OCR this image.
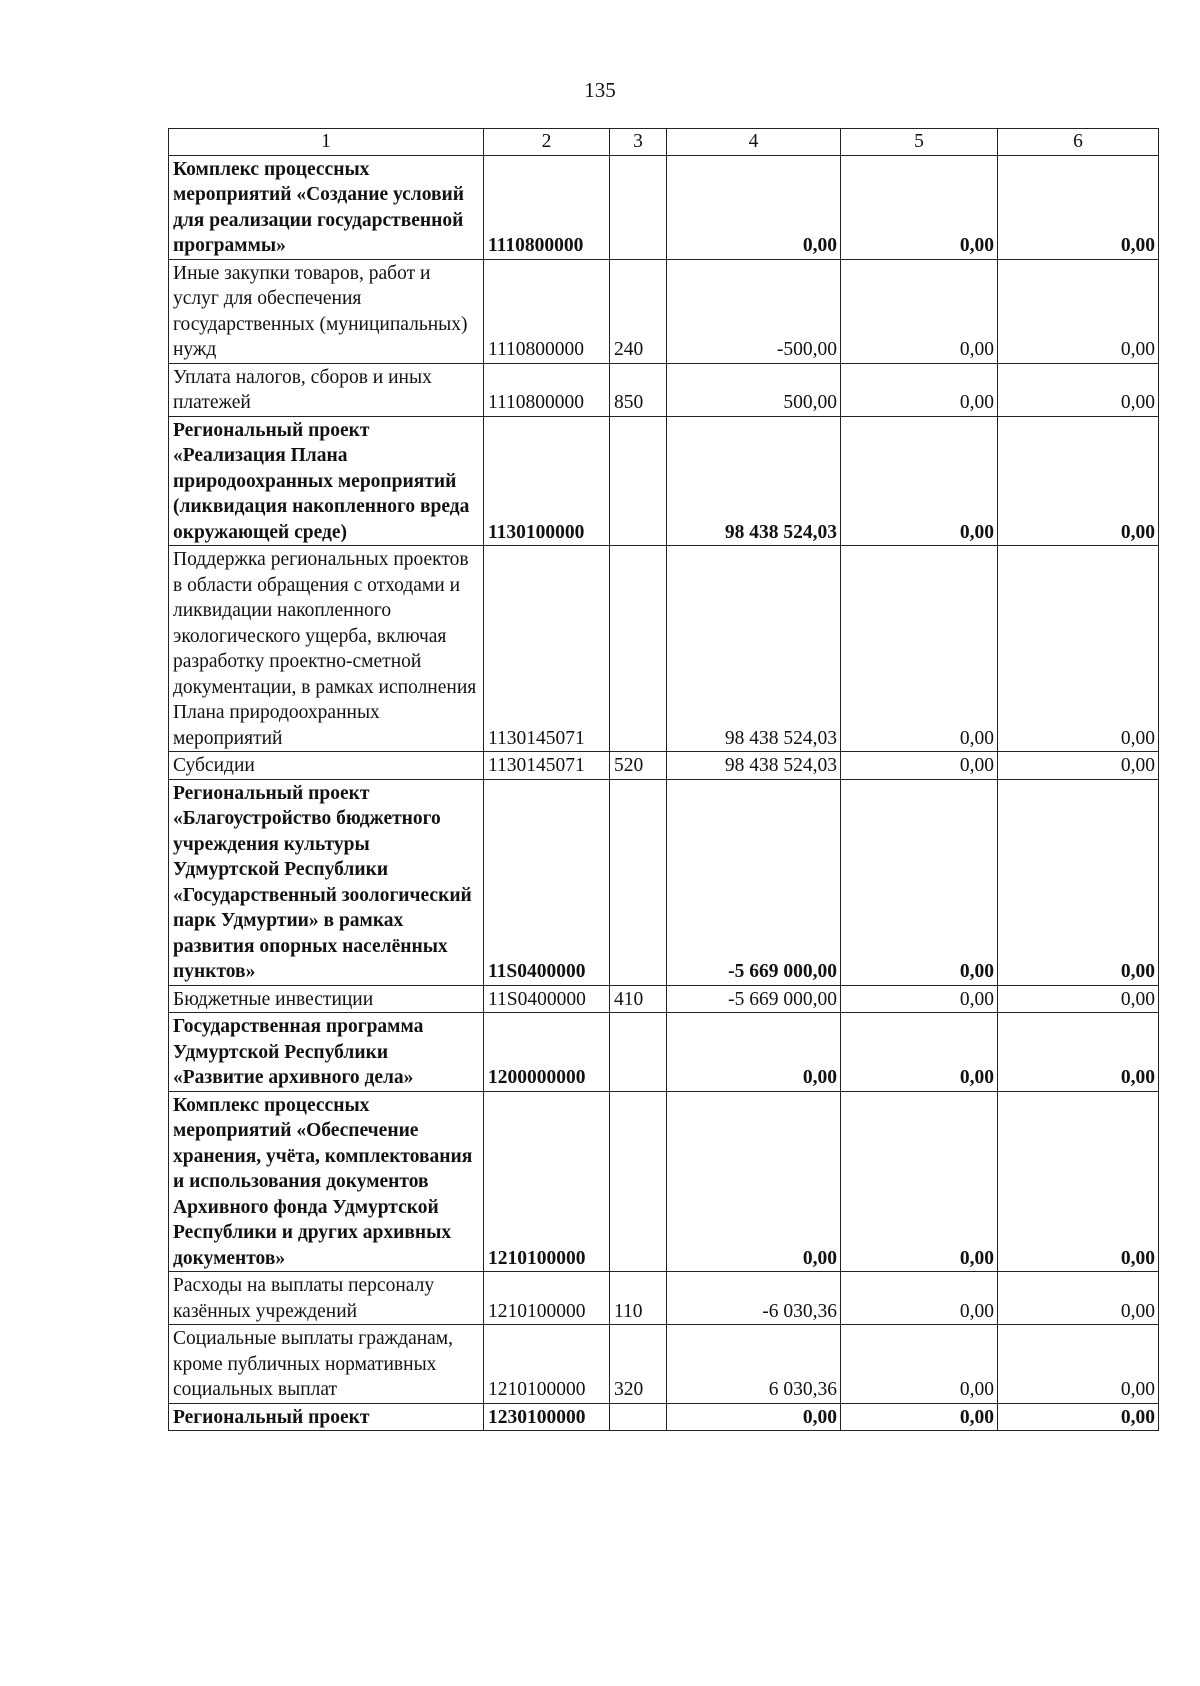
135
1	2	3	4	5	6
Комплекс процессных мероприятий «Создание условий для реализации государственной программы»	1110800000		0,00	0,00	0,00
Иные закупки товаров, работ и услуг для обеспечения государственных (муниципальных) нужд	1110800000	240	-500,00	0,00	0,00
Уплата налогов, сборов и иных платежей	1110800000	850	500,00	0,00	0,00
Региональный проект «Реализация Плана природоохранных мероприятий (ликвидация накопленного вреда окружающей среде)	1130100000		98 438 524,03	0,00	0,00
Поддержка региональных проектов в области обращения с отходами и ликвидации накопленного экологического ущерба, включая разработку проектно-сметной документации, в рамках исполнения Плана природоохранных мероприятий	1130145071		98 438 524,03	0,00	0,00
Субсидии	1130145071	520	98 438 524,03	0,00	0,00
Региональный проект «Благоустройство бюджетного учреждения культуры Удмуртской Республики «Государственный зоологический парк Удмуртии» в рамках развития опорных населённых пунктов»	11S0400000		-5 669 000,00	0,00	0,00
Бюджетные инвестиции	11S0400000	410	-5 669 000,00	0,00	0,00
Государственная программа Удмуртской Республики «Развитие архивного дела»	1200000000		0,00	0,00	0,00
Комплекс процессных мероприятий «Обеспечение хранения, учёта, комплектования и использования документов Архивного фонда Удмуртской Республики и других архивных документов»	1210100000		0,00	0,00	0,00
Расходы на выплаты персоналу казённых учреждений	1210100000	110	-6 030,36	0,00	0,00
Социальные выплаты гражданам, кроме публичных нормативных социальных выплат	1210100000	320	6 030,36	0,00	0,00
Региональный проект	1230100000		0,00	0,00	0,00
